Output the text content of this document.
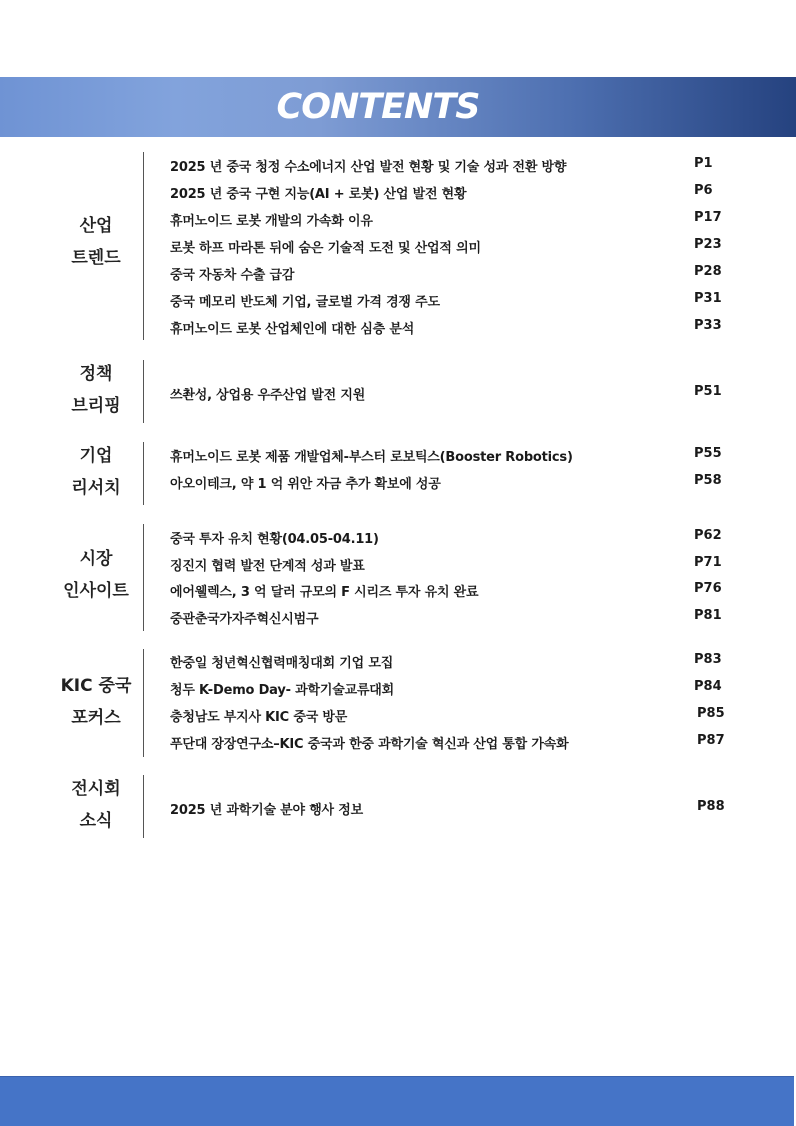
CONTENTS
산업
트렌드
2025 년 중국 청정 수소에너지 산업 발전 현황 및 기술 성과 전환 방향	P1
2025 년 중국 구현 지능(AI + 로봇) 산업 발전 현황	P6
휴머노이드 로봇 개발의 가속화 이유	P17
로봇 하프 마라톤 뒤에 숨은 기술적 도전 및 산업적 의미	P23
중국 자동차 수출 급감	P28
중국 메모리 반도체 기업, 글로벌 가격 경쟁 주도	P31
휴머노이드 로봇 산업체인에 대한 심층 분석	P33
정책
브리핑
쓰촨성, 상업용 우주산업 발전 지원	P51
기업
리서치
휴머노이드 로봇 제품 개발업체-부스터 로보틱스(Booster Robotics)	P55
아오이테크, 약 1 억 위안 자금 추가 확보에 성공	P58
시장
인사이트
중국 투자 유치 현황(04.05-04.11)	P62
징진지 협력 발전 단계적 성과 발표	P71
에어웰렉스, 3 억 달러 규모의 F 시리즈 투자 유치 완료	P76
중관춘국가자주혁신시범구	P81
KIC 중국
포커스
한중일 청년혁신협력매칭대회 기업 모집	P83
청두 K-Demo Day- 과학기술교류대회	P84
충청남도 부지사 KIC 중국 방문	P85
푸단대 장장연구소–KIC 중국과 한중 과학기술 혁신과 산업 통합 가속화	P87
전시회
소식
2025 년 과학기술 분야 행사 정보	P88
